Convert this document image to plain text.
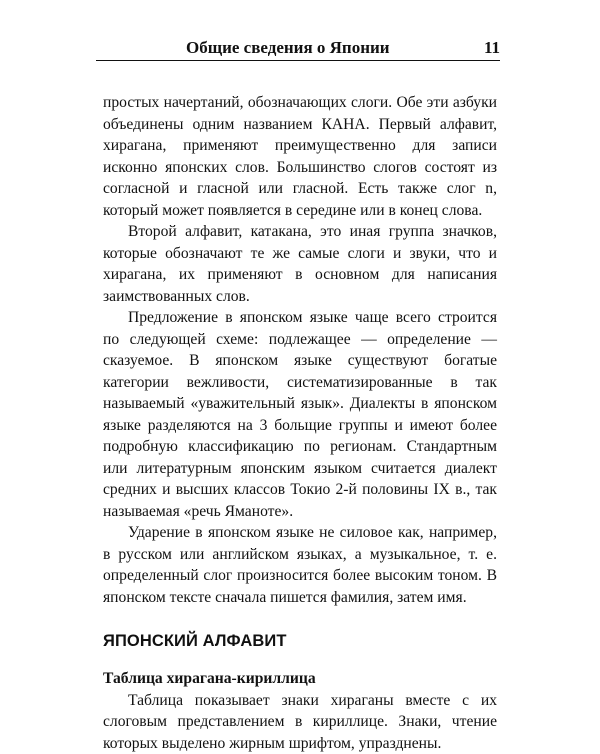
Общие сведения о Японии	11

простых начертаний, обозначающих слоги. Обе эти азбуки объединены одним названием КАНА. Первый алфавит, хирагана, применяют преимущественно для записи исконно японских слов. Большинство слогов состоят из согласной и гласной или гласной. Есть также слог n, который может появляется в середине или в конец слова.

Второй алфавит, катакана, это иная группа значков, которые обозначают те же самые слоги и звуки, что и хирагана, их применяют в основном для написания заимствованных слов.

Предложение в японском языке чаще всего строится по следующей схеме: подлежащее — определение — сказуемое. В японском языке существуют богатые категории вежливости, систематизированные в так называемый «уважительный язык». Диалекты в японском языке разделяются на 3 больщие группы и имеют более подробную классификацию по регионам. Стандартным или литературным японским языком считается диалект средних и высших классов Токио 2-й половины IX в., так называемая «речь Яманоте».

Ударение в японском языке не силовое как, например, в русском или английском языках, а музыкальное, т. е. определенный слог произносится более высоким тоном. В японском тексте сначала пишется фамилия, затем имя.

ЯПОНСКИЙ АЛФАВИТ
Таблица хирагана-кириллица

Таблица показывает знаки хираганы вместе с их слоговым представлением в кириллице. Знаки, чтение которых выделено жирным шрифтом, упразднены.
